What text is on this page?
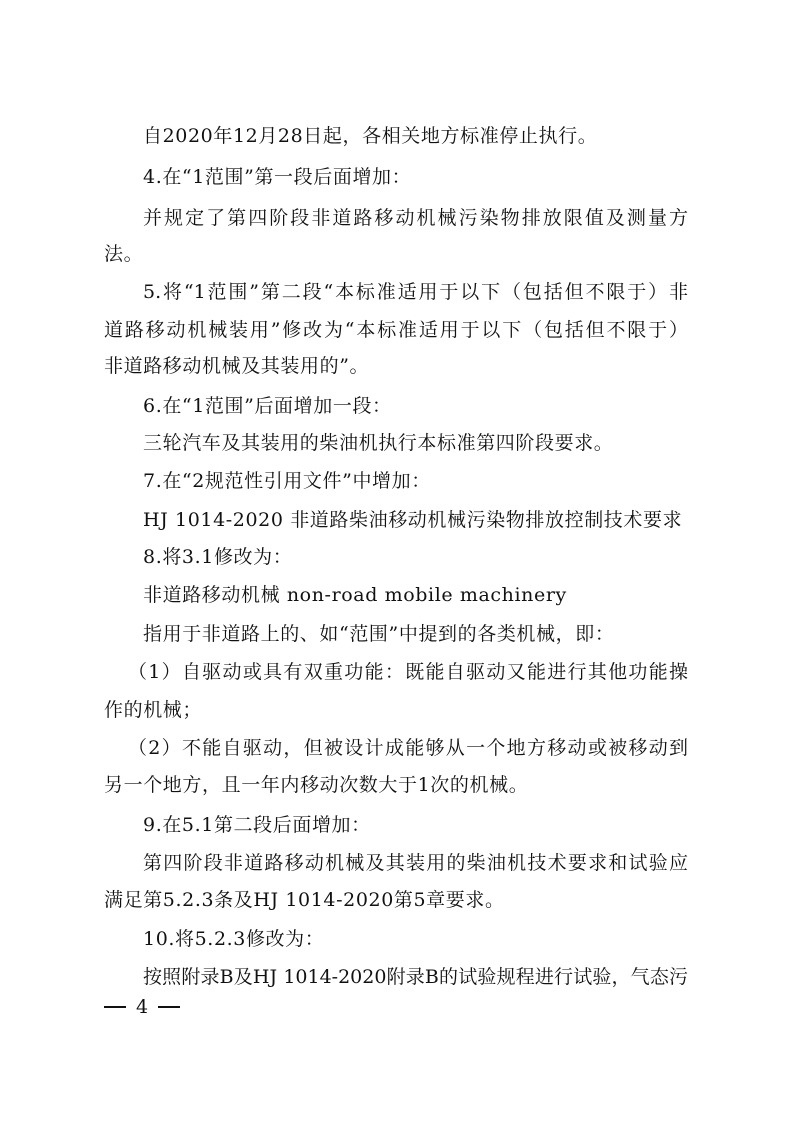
自2020年12月28日起，各相关地方标准停止执行。
4.在“1范围”第一段后面增加：
并规定了第四阶段非道路移动机械污染物排放限值及测量方
法。
5.将“1范围”第二段“本标准适用于以下（包括但不限于）非
道路移动机械装用”修改为“本标准适用于以下（包括但不限于）
非道路移动机械及其装用的”。
6.在“1范围”后面增加一段：
三轮汽车及其装用的柴油机执行本标准第四阶段要求。
7.在“2规范性引用文件”中增加：
HJ 1014-2020 非道路柴油移动机械污染物排放控制技术要求
8.将3.1修改为：
非道路移动机械 non-road mobile machinery
指用于非道路上的、如“范围”中提到的各类机械，即：
（1）自驱动或具有双重功能：既能自驱动又能进行其他功能操
作的机械；
（2）不能自驱动，但被设计成能够从一个地方移动或被移动到
另一个地方，且一年内移动次数大于1次的机械。
9.在5.1第二段后面增加：
第四阶段非道路移动机械及其装用的柴油机技术要求和试验应
满足第5.2.3条及HJ 1014-2020第5章要求。
10.将5.2.3修改为：
按照附录B及HJ 1014-2020附录B的试验规程进行试验，气态污
4
